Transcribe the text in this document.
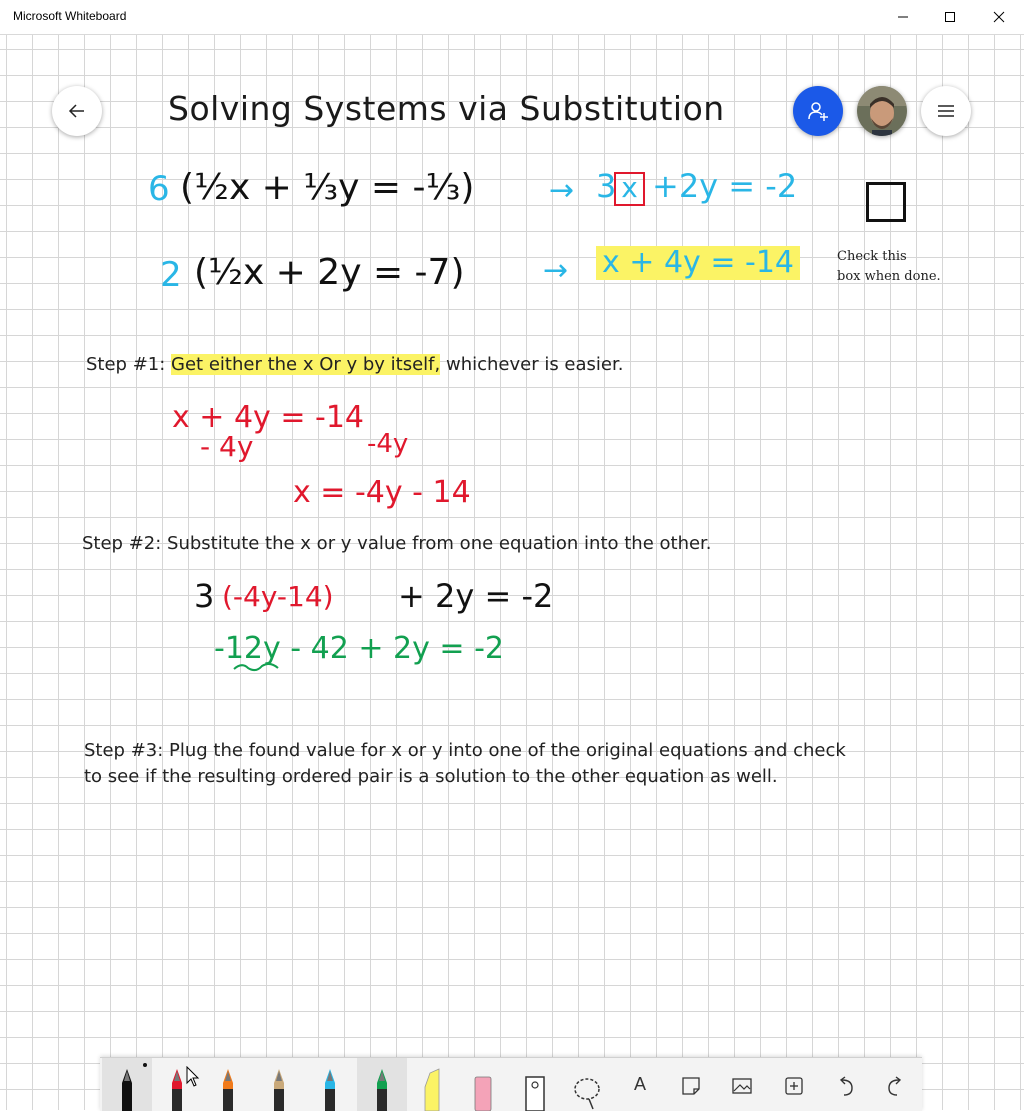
Microsoft Whiteboard
Solving Systems via Substitution
6 (½x + ⅓y = -⅓) → 3 x +2y = -2
2 (½x + 2y = -7)	→ x + 4y = -14	Check this
box when done.
Step #1: Get either the x Or y by itself, whichever is easier.
x + 4y = -14
- 4y	-4y
x = -4y - 14
Step #2: Substitute the x or y value from one equation into the other.
3 (-4y-14) + 2y = -2
-12y - 42 + 2y = -2
Step #3: Plug the found value for x or y into one of the original equations and check
to see if the resulting ordered pair is a solution to the other equation as well.
A
